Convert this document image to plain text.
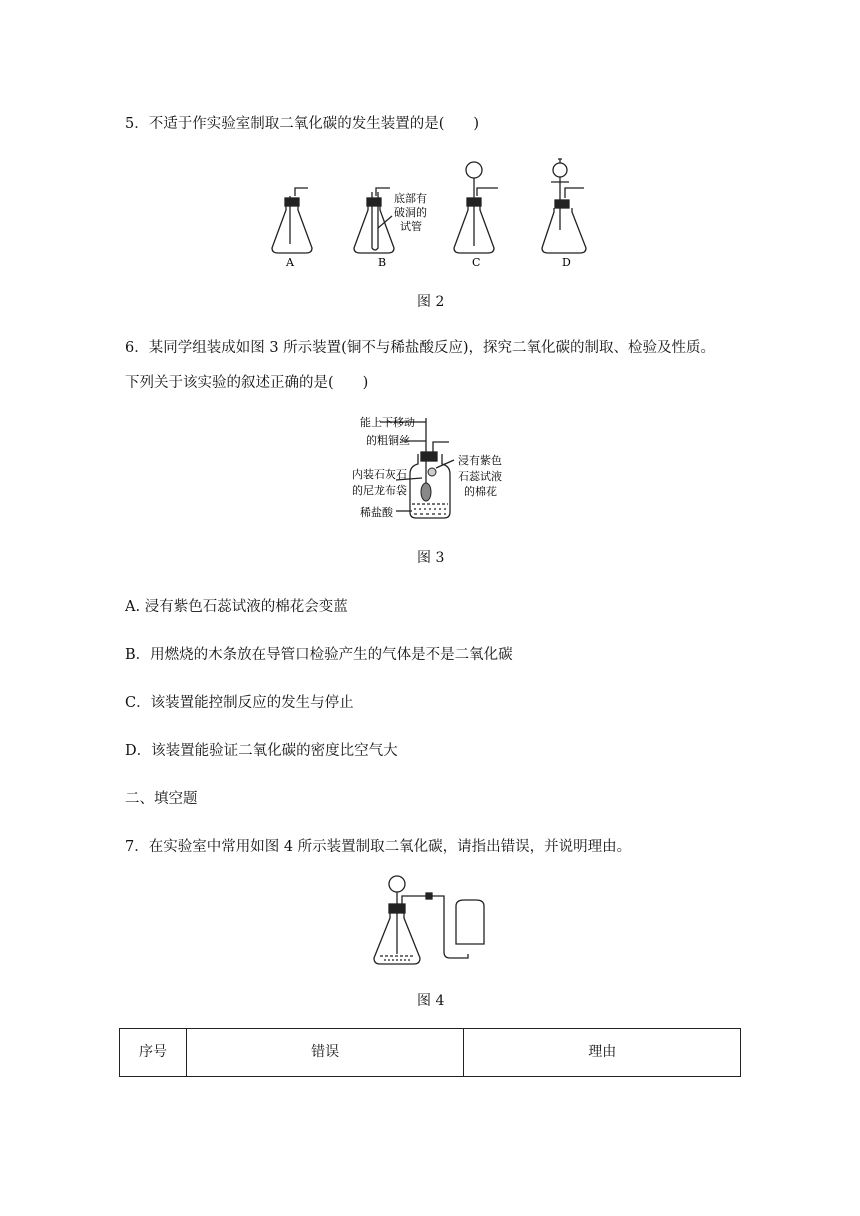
5．不适于作实验室制取二氧化碳的发生装置的是(　　)
A	B	C	D
底部有
破洞的
试管
图 2
6．某同学组装成如图 3 所示装置(铜不与稀盐酸反应)，探究二氧化碳的制取、检验及性质。
下列关于该实验的叙述正确的是(　　)
能上下移动
的粗铜丝
内装石灰石
的尼龙布袋
稀盐酸
浸有紫色
石蕊试液
的棉花
图 3
A. 浸有紫色石蕊试液的棉花会变蓝
B．用燃烧的木条放在导管口检验产生的气体是不是二氧化碳
C．该装置能控制反应的发生与停止
D．该装置能验证二氧化碳的密度比空气大
二、填空题
7．在实验室中常用如图 4 所示装置制取二氧化碳，请指出错误，并说明理由。
图 4
序号	错误	理由
